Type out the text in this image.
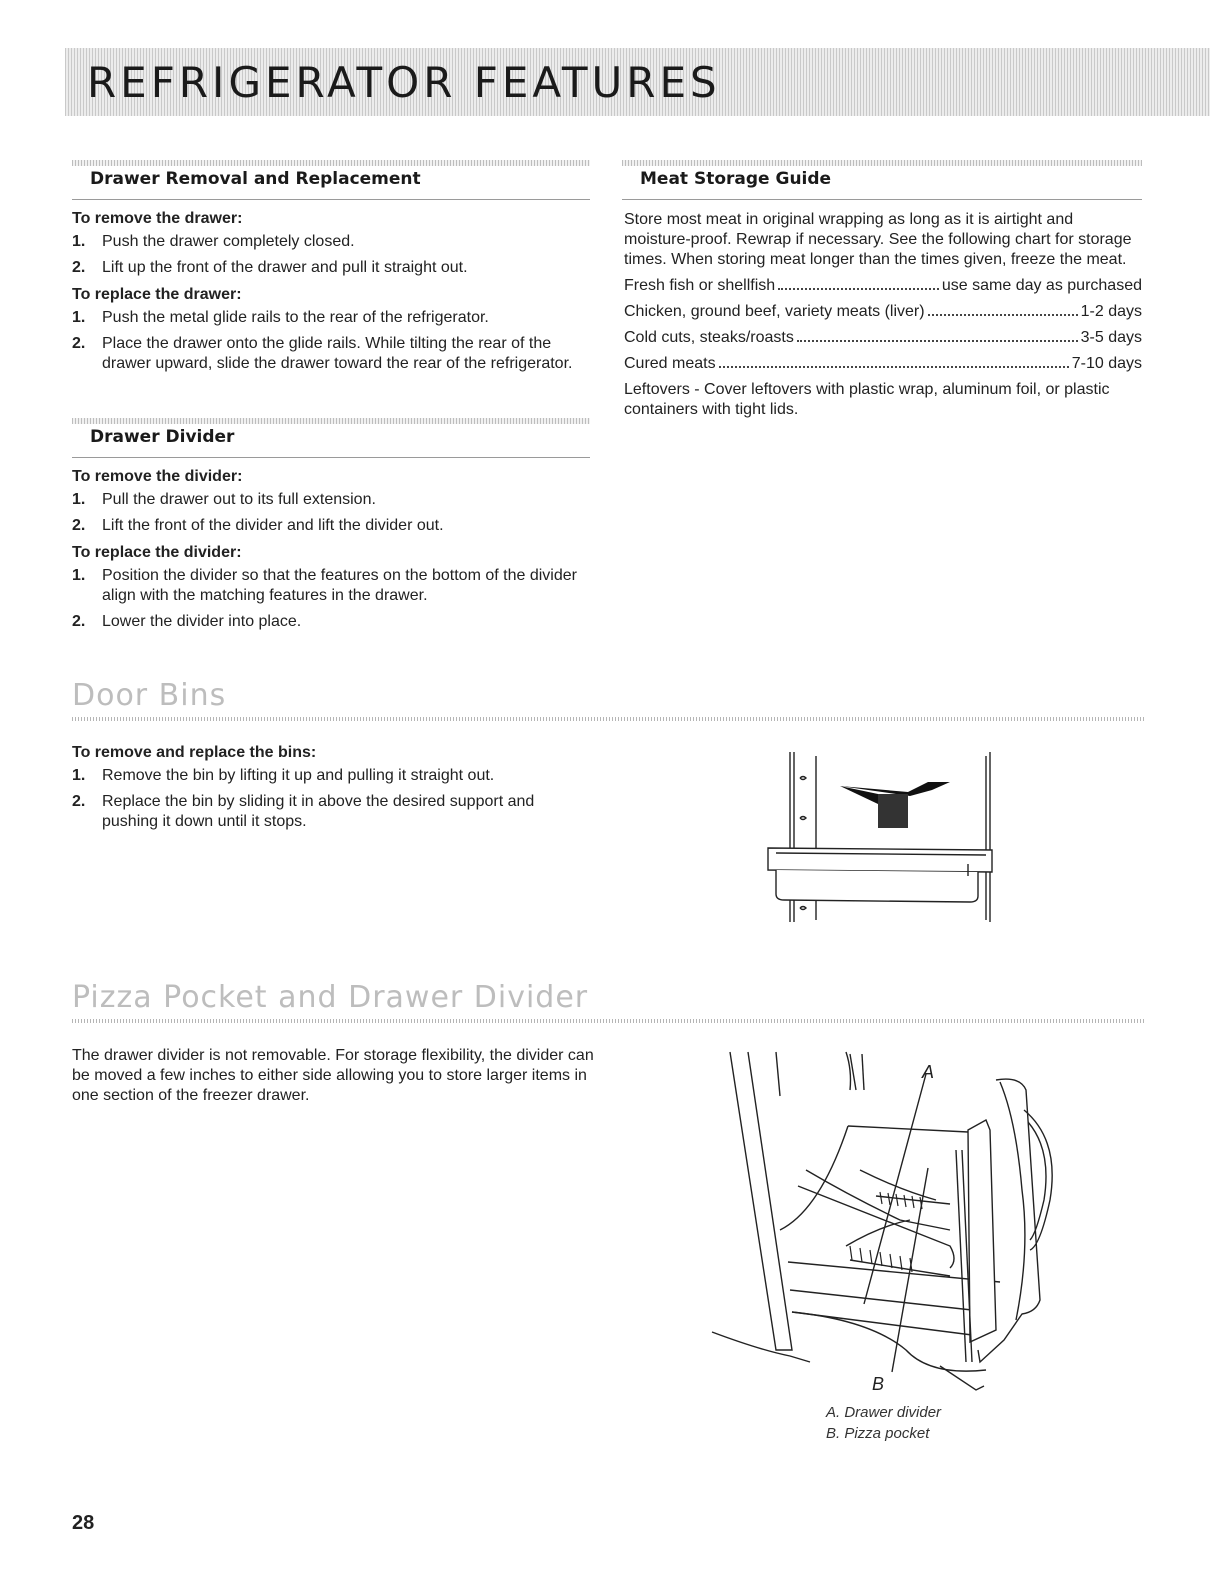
REFRIGERATOR FEATURES
Drawer Removal and Replacement

To remove the drawer:

1. Push the drawer completely closed.
2. Lift up the front of the drawer and pull it straight out.

To replace the drawer:

1. Push the metal glide rails to the rear of the refrigerator.
2. Place the drawer onto the glide rails. While tilting the rear of the drawer upward, slide the drawer toward the rear of the refrigerator.
Drawer Divider

To remove the divider:

1. Pull the drawer out to its full extension.
2. Lift the front of the divider and lift the divider out.

To replace the divider:

1. Position the divider so that the features on the bottom of the divider align with the matching features in the drawer.
2. Lower the divider into place.
Meat Storage Guide

Store most meat in original wrapping as long as it is airtight and moisture-proof. Rewrap if necessary. See the following chart for storage times. When storing meat longer than the times given, freeze the meat.

Fresh fish or shellfish	use same day as purchased
Chicken, ground beef, variety meats (liver)	1-2 days
Cold cuts, steaks/roasts	3-5 days
Cured meats	7-10 days

Leftovers - Cover leftovers with plastic wrap, aluminum foil, or plastic containers with tight lids.

Door Bins

To remove and replace the bins:

1. Remove the bin by lifting it up and pulling it straight out.
2. Replace the bin by sliding it in above the desired support and pushing it down until it stops.
Pizza Pocket and Drawer Divider

The drawer divider is not removable. For storage flexibility, the divider can be moved a few inches to either side allowing you to store larger items in one section of the freezer drawer.

A
B
A. Drawer divider
B. Pizza pocket

28
